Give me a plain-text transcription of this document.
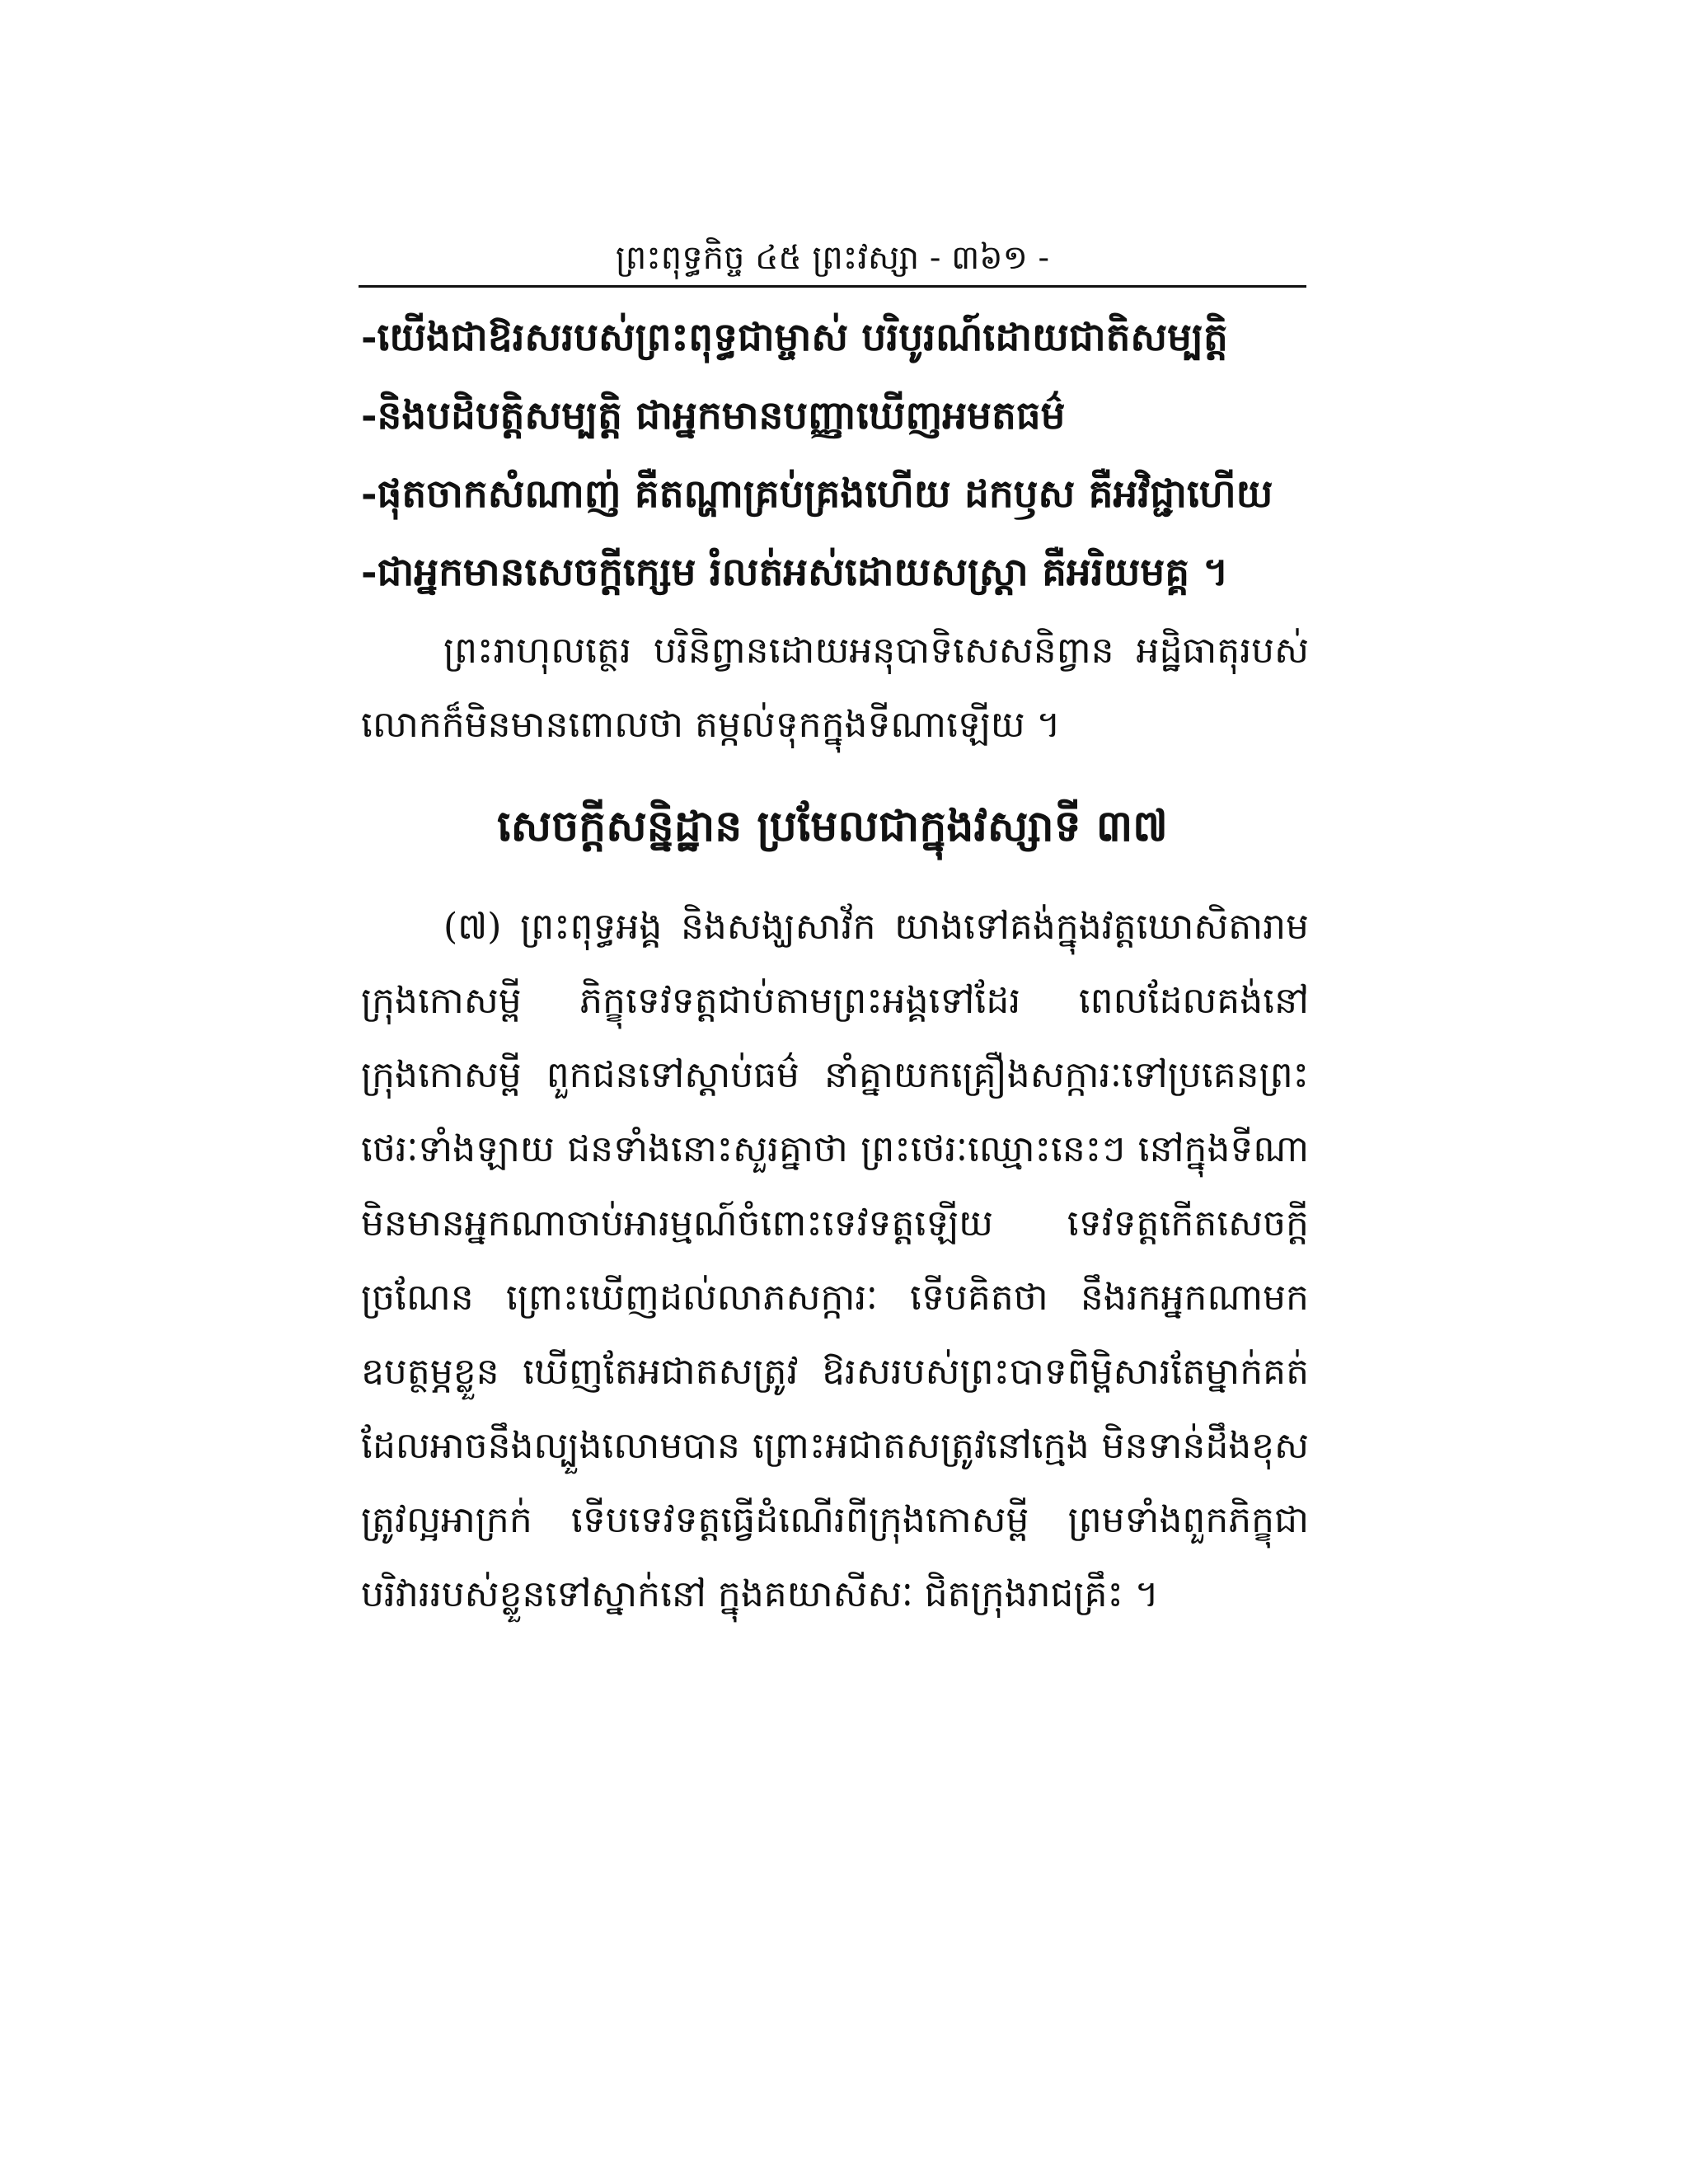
ព្រះពុទ្ធកិច្ច ៤៥ ព្រះវស្សា - ៣៦១ -
-យើងជាឱរសរបស់ព្រះពុទ្ធជាម្ចាស់ បរិបូរណ៍ដោយជាតិសម្បត្តិ
-និងបដិបត្តិសម្បត្តិ ជាអ្នកមានបញ្ញាឃើញអមតធម៌
-ផុតចាកសំណាញ់ គឺតណ្ហាគ្រប់គ្រងហើយ ដកឫស គឺអវិជ្ជាហើយ
-ជាអ្នកមានសេចក្តីក្សេម រំលត់អស់ដោយសស្ត្រា គឺអរិយមគ្គ ។
ព្រះរាហុលត្ថេរ បរិនិព្វានដោយអនុបាទិសេសនិព្វាន អដ្ឋិធាតុរបស់លោកក៏មិនមានពោលថា តម្កល់ទុកក្នុងទីណាឡើយ ។
សេចក្តីសន្និដ្ឋាន ប្រមែលជាក្នុងវស្សាទី ៣៧
(៧) ព្រះពុទ្ធអង្គ និងសង្ឃសាវ័ក យាងទៅគង់ក្នុងវត្តឃោសិតារាម ក្រុងកោសម្ពី ភិក្ខុទេវទត្តជាប់តាមព្រះអង្គទៅដែរ ពេលដែលគង់នៅក្រុងកោសម្ពី ពួកជនទៅស្តាប់ធម៌ នាំគ្នាយកគ្រឿងសក្ការៈទៅប្រគេនព្រះថេរៈទាំងឡាយ ជនទាំងនោះសួរគ្នាថា ព្រះថេរៈឈ្មោះនេះៗ នៅក្នុងទីណា មិនមានអ្នកណាចាប់អារម្មណ៍ចំពោះទេវទត្តឡើយ ទេវទត្តកើតសេចក្តីច្រណែន ព្រោះឃើញដល់លាភសក្ការៈ ទើបគិតថា នឹងរកអ្នកណាមកឧបត្ថម្ភខ្លួន ឃើញតែអជាតសត្រូវ ឱរសរបស់ព្រះបាទពិម្ពិសារតែម្នាក់គត់ ដែលអាចនឹងល្បួងលោមបាន ព្រោះអជាតសត្រូវនៅក្មេង មិនទាន់ដឹងខុសត្រូវល្អអាក្រក់ ទើបទេវទត្តធ្វើដំណើរពីក្រុងកោសម្ពី ព្រមទាំងពួកភិក្ខុជាបរិវាររបស់ខ្លួនទៅស្នាក់នៅ ក្នុងគយាសីសៈ ជិតក្រុងរាជគ្រឹះ ។
